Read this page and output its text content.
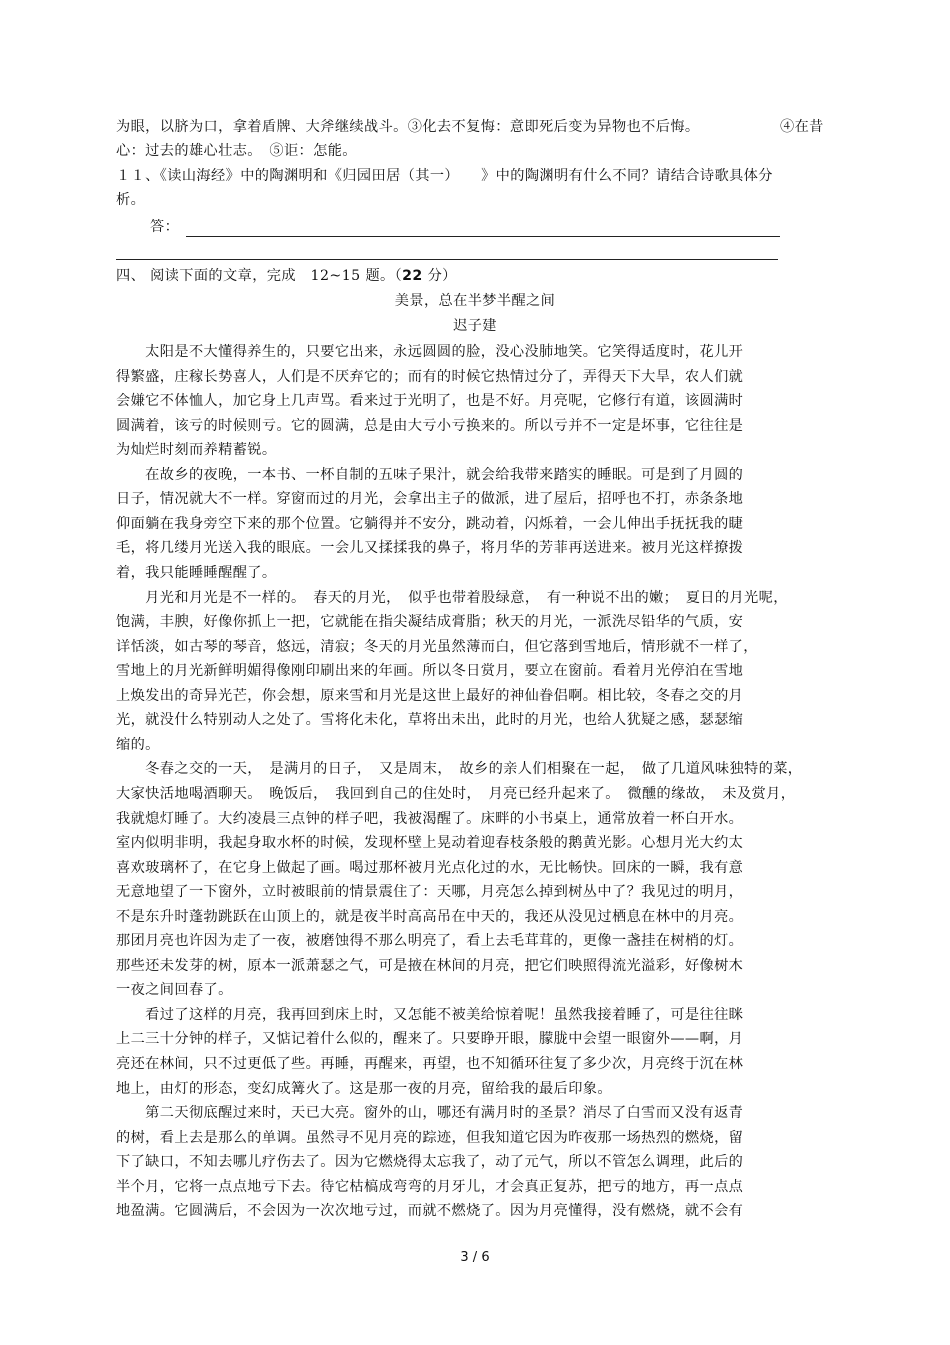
为眼，以脐为口，拿着盾牌、大斧继续战斗。③化去不复悔：意即死后变为异物也不后悔。	④在昔
心：过去的雄心壮志。　⑤讵：怎能。
１１、《读山海经》中的陶渊明和《归园田居（其一）　　》中的陶渊明有什么不同？请结合诗歌具体分
析。
答：
四、 阅读下面的文章，完成　12~15 题。（22 分）
美景，总在半梦半醒之间
迟子建
　　太阳是不大懂得养生的，只要它出来，永远圆圆的脸，没心没肺地笑。它笑得适度时，花儿开
得繁盛，庄稼长势喜人，人们是不厌弃它的；而有的时候它热情过分了，弄得天下大旱，农人们就
会嫌它不体恤人，加它身上几声骂。看来过于光明了，也是不好。月亮呢，它修行有道，该圆满时
圆满着，该亏的时候则亏。它的圆满，总是由大亏小亏换来的。所以亏并不一定是坏事，它往往是
为灿烂时刻而养精蓄锐。
　　在故乡的夜晚，一本书、一杯自制的五味子果汁，就会给我带来踏实的睡眠。可是到了月圆的
日子，情况就大不一样。穿窗而过的月光，会拿出主子的做派，进了屋后，招呼也不打，赤条条地
仰面躺在我身旁空下来的那个位置。它躺得并不安分，跳动着，闪烁着，一会儿伸出手抚抚我的睫
毛，将几缕月光送入我的眼底。一会儿又揉揉我的鼻子，将月华的芳菲再送进来。被月光这样撩拨
着，我只能睡睡醒醒了。
　　月光和月光是不一样的。　春天的月光，　似乎也带着股绿意，　有一种说不出的嫩；　夏日的月光呢，
饱满，丰腴，好像你抓上一把，它就能在指尖凝结成膏脂；秋天的月光，一派洗尽铅华的气质，安
详恬淡，如古琴的琴音，悠远，清寂；冬天的月光虽然薄而白，但它落到雪地后，情形就不一样了，
雪地上的月光新鲜明媚得像刚印刷出来的年画。所以冬日赏月，要立在窗前。看着月光停泊在雪地
上焕发出的奇异光芒，你会想，原来雪和月光是这世上最好的神仙眷侣啊。相比较，冬春之交的月
光，就没什么特别动人之处了。雪将化未化，草将出未出，此时的月光，也给人犹疑之感，瑟瑟缩
缩的。
　　冬春之交的一天，　是满月的日子，　又是周末，　故乡的亲人们相聚在一起，　做了几道风味独特的菜，
大家快活地喝酒聊天。　晚饭后，　我回到自己的住处时，　月亮已经升起来了。　微醺的缘故，　未及赏月，
我就熄灯睡了。大约凌晨三点钟的样子吧，我被渴醒了。床畔的小书桌上，通常放着一杯白开水。
室内似明非明，我起身取水杯的时候，发现杯壁上晃动着迎春枝条般的鹅黄光影。心想月光大约太
喜欢玻璃杯了，在它身上做起了画。喝过那杯被月光点化过的水，无比畅快。回床的一瞬，我有意
无意地望了一下窗外，立时被眼前的情景震住了：天哪，月亮怎么掉到树丛中了？我见过的明月，
不是东升时蓬勃跳跃在山顶上的，就是夜半时高高吊在中天的，我还从没见过栖息在林中的月亮。
那团月亮也许因为走了一夜，被磨蚀得不那么明亮了，看上去毛茸茸的，更像一盏挂在树梢的灯。
那些还未发芽的树，原本一派萧瑟之气，可是掖在林间的月亮，把它们映照得流光溢彩，好像树木
一夜之间回春了。
　　看过了这样的月亮，我再回到床上时，又怎能不被美给惊着呢！虽然我接着睡了，可是往往眯
上二三十分钟的样子，又惦记着什么似的，醒来了。只要睁开眼，朦胧中会望一眼窗外——啊，月
亮还在林间，只不过更低了些。再睡，再醒来，再望，也不知循环往复了多少次，月亮终于沉在林
地上，由灯的形态，变幻成篝火了。这是那一夜的月亮，留给我的最后印象。
　　第二天彻底醒过来时，天已大亮。窗外的山，哪还有满月时的圣景？消尽了白雪而又没有返青
的树，看上去是那么的单调。虽然寻不见月亮的踪迹，但我知道它因为昨夜那一场热烈的燃烧，留
下了缺口，不知去哪儿疗伤去了。因为它燃烧得太忘我了，动了元气，所以不管怎么调理，此后的
半个月，它将一点点地亏下去。待它枯槁成弯弯的月牙儿，才会真正复苏，把亏的地方，再一点点
地盈满。它圆满后，不会因为一次次地亏过，而就不燃烧了。因为月亮懂得，没有燃烧，就不会有
3 / 6
